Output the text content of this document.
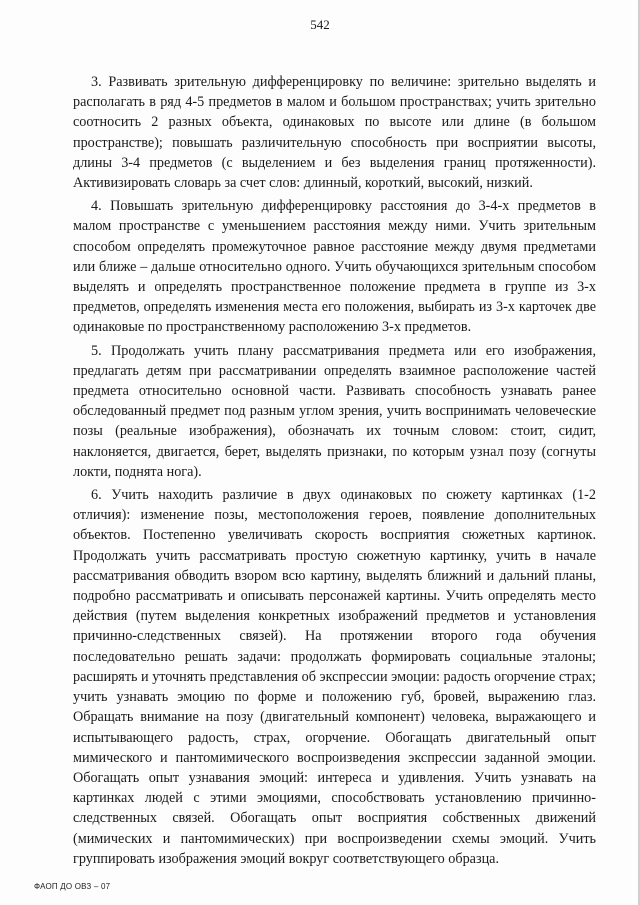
542

3. Развивать зрительную дифференцировку по величине: зрительно выделять и располагать в ряд 4-5 предметов в малом и большом пространствах; учить зрительно соотносить 2 разных объекта, одинаковых по высоте или длине (в большом пространстве); повышать различительную способность при восприятии высоты, длины 3-4 предметов (с выделением и без выделения границ протяженности). Активизировать словарь за счет слов: длинный, короткий, высокий, низкий.

4. Повышать зрительную дифференцировку расстояния до 3-4-х предметов в малом пространстве с уменьшением расстояния между ними. Учить зрительным способом определять промежуточное равное расстояние между двумя предметами или ближе – дальше относительно одного. Учить обучающихся зрительным способом выделять и определять пространственное положение предмета в группе из 3-х предметов, определять изменения места его положения, выбирать из 3-х карточек две одинаковые по пространственному расположению 3-х предметов.

5. Продолжать учить плану рассматривания предмета или его изображения, предлагать детям при рассматривании определять взаимное расположение частей предмета относительно основной части. Развивать способность узнавать ранее обследованный предмет под разным углом зрения, учить воспринимать человеческие позы (реальные изображения), обозначать их точным словом: стоит, сидит, наклоняется, двигается, берет, выделять признаки, по которым узнал позу (согнуты локти, поднята нога).

6. Учить находить различие в двух одинаковых по сюжету картинках (1-2 отличия): изменение позы, местоположения героев, появление дополнительных объектов. Постепенно увеличивать скорость восприятия сюжетных картинок. Продолжать учить рассматривать простую сюжетную картинку, учить в начале рассматривания обводить взором всю картину, выделять ближний и дальний планы, подробно рассматривать и описывать персонажей картины. Учить определять место действия (путем выделения конкретных изображений предметов и установления причинно-следственных связей). На протяжении второго года обучения последовательно решать задачи: продолжать формировать социальные эталоны; расширять и уточнять представления об экспрессии эмоции: радость огорчение страх; учить узнавать эмоцию по форме и положению губ, бровей, выражению глаз. Обращать внимание на позу (двигательный компонент) человека, выражающего и испытывающего радость, страх, огорчение. Обогащать двигательный опыт мимического и пантомимического воспроизведения экспрессии заданной эмоции. Обогащать опыт узнавания эмоций: интереса и удивления. Учить узнавать на картинках людей с этими эмоциями, способствовать установлению причинно-следственных связей. Обогащать опыт восприятия собственных движений (мимических и пантомимических) при воспроизведении схемы эмоций. Учить группировать изображения эмоций вокруг соответствующего образца.

ФАОП ДО ОВЗ – 07
